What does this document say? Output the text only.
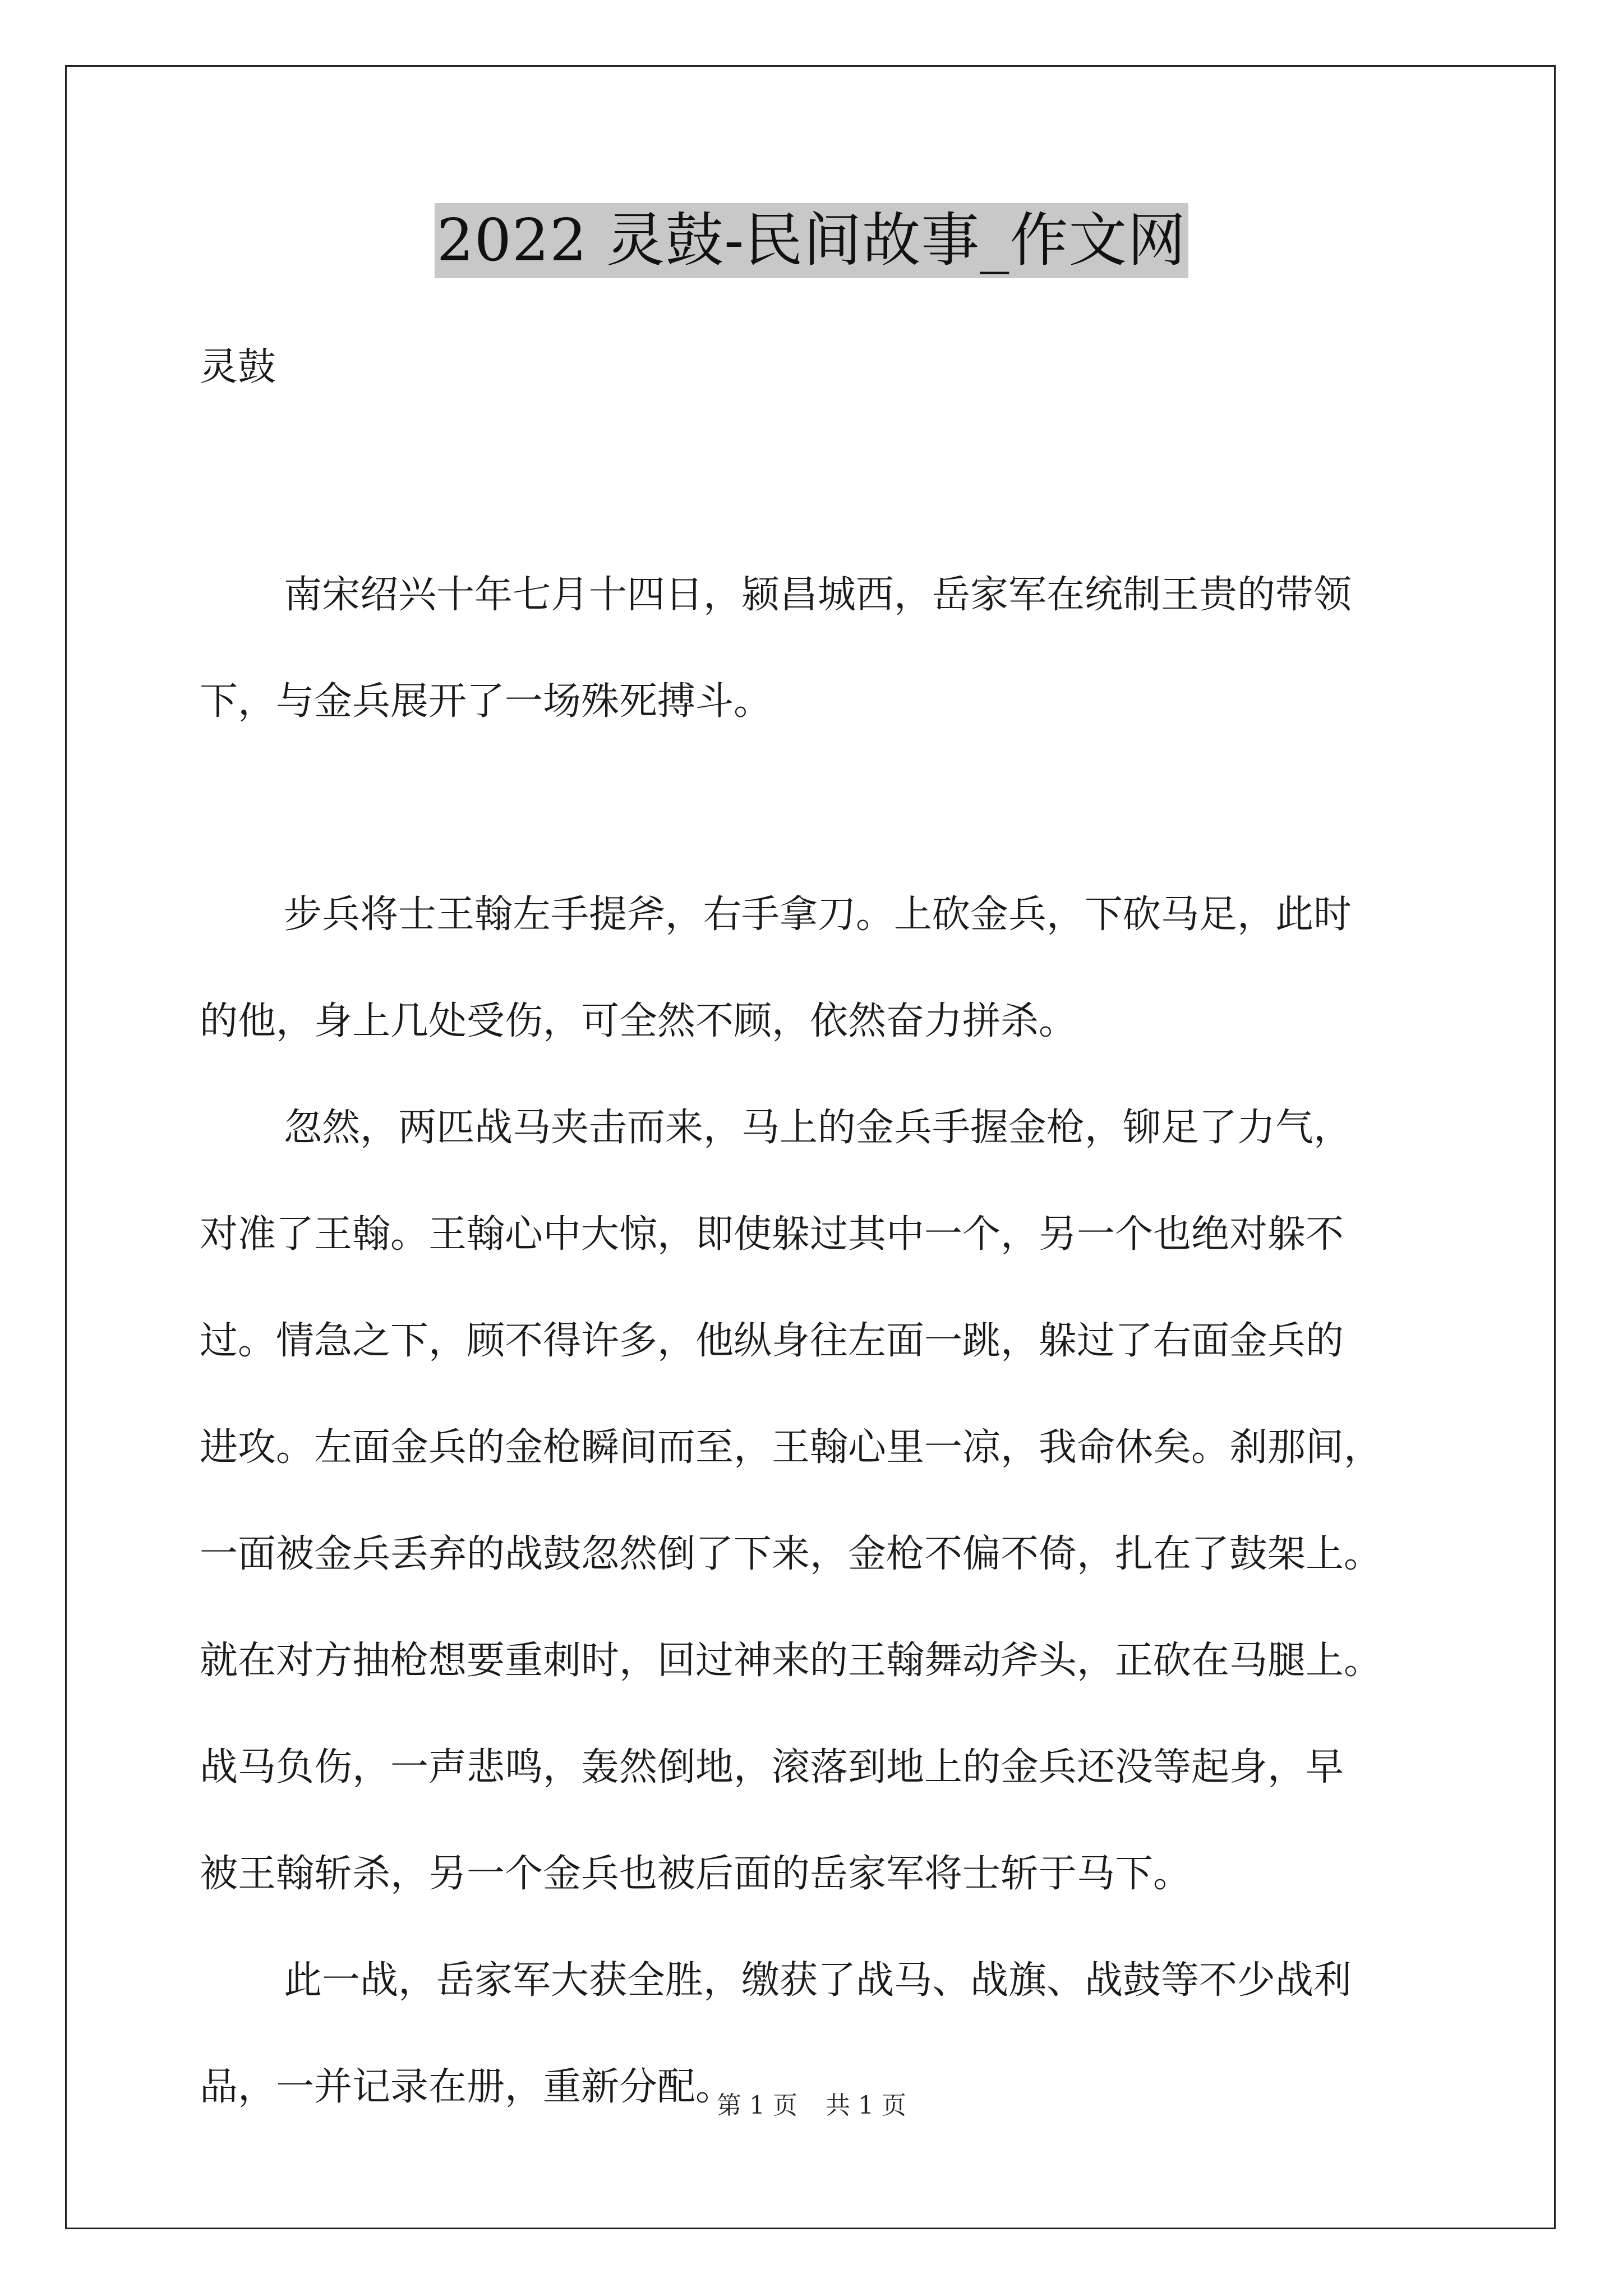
2022 灵鼓-民间故事_作文网

灵鼓

南宋绍兴十年七月十四日，颍昌城西，岳家军在统制王贵的带领

下，与金兵展开了一场殊死搏斗。

步兵将士王翰左手提斧，右手拿刀。上砍金兵，下砍马足，此时

的他，身上几处受伤，可全然不顾，依然奋力拼杀。

忽然，两匹战马夹击而来，马上的金兵手握金枪，铆足了力气，

对准了王翰。王翰心中大惊，即使躲过其中一个，另一个也绝对躲不

过。情急之下，顾不得许多，他纵身往左面一跳，躲过了右面金兵的

进攻。左面金兵的金枪瞬间而至，王翰心里一凉，我命休矣。刹那间，

一面被金兵丢弃的战鼓忽然倒了下来，金枪不偏不倚，扎在了鼓架上。

就在对方抽枪想要重刺时，回过神来的王翰舞动斧头，正砍在马腿上。

战马负伤，一声悲鸣，轰然倒地，滚落到地上的金兵还没等起身，早

被王翰斩杀，另一个金兵也被后面的岳家军将士斩于马下。

此一战，岳家军大获全胜，缴获了战马、战旗、战鼓等不少战利

品，一并记录在册，重新分配。

第 1 页 共 1 页
